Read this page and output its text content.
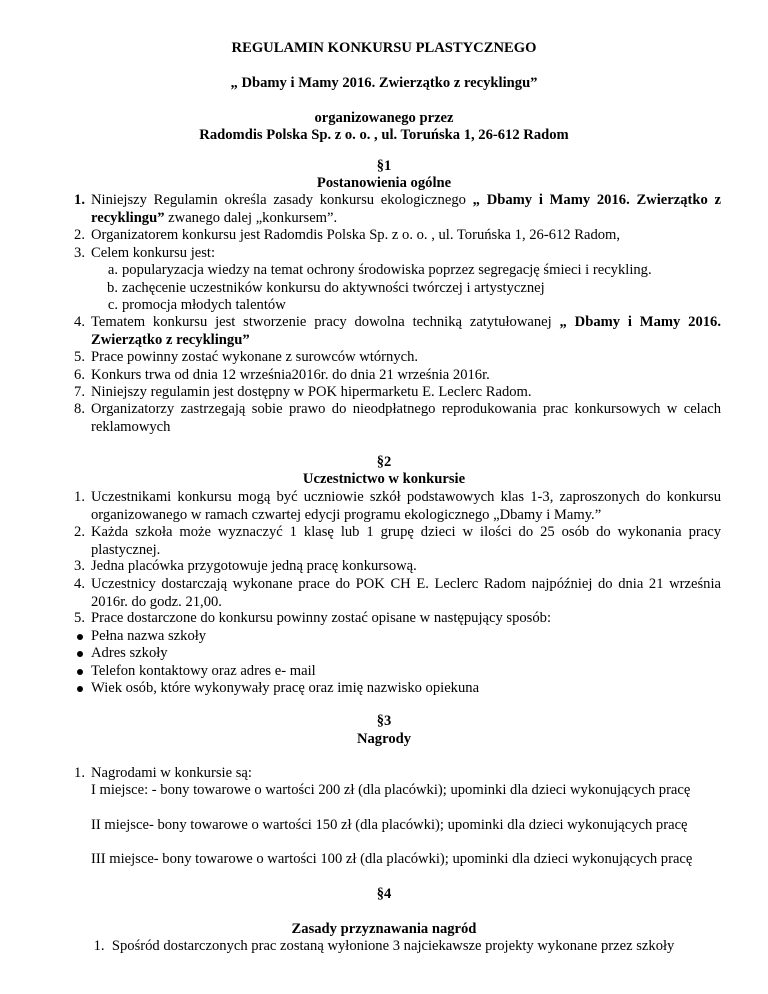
REGULAMIN KONKURSU PLASTYCZNEGO
„ Dbamy i Mamy 2016. Zwierzątko z recyklingu”
organizowanego przez
Radomdis Polska Sp. z o. o. , ul. Toruńska 1, 26-612 Radom
§1
Postanowienia ogólne
1. Niniejszy Regulamin określa zasady konkursu ekologicznego „ Dbamy i Mamy 2016. Zwierzątko z recyklingu” zwanego dalej „konkursem”.
2. Organizatorem konkursu jest Radomdis Polska Sp. z o. o. , ul. Toruńska 1, 26-612 Radom,
3. Celem konkursu jest:
a. popularyzacja wiedzy na temat ochrony środowiska poprzez segregację śmieci i recykling.
b. zachęcenie uczestników konkursu do aktywności twórczej i artystycznej
c. promocja młodych talentów
4. Tematem konkursu jest stworzenie pracy dowolna techniką zatytułowanej „ Dbamy i Mamy 2016. Zwierzątko z recyklingu”
5. Prace powinny zostać wykonane z surowców wtórnych.
6. Konkurs trwa od dnia 12 września2016r. do dnia 21 września 2016r.
7. Niniejszy regulamin jest dostępny w POK hipermarketu E. Leclerc Radom.
8. Organizatorzy zastrzegają sobie prawo do nieodpłatnego reprodukowania prac konkursowych w celach reklamowych
§2
Uczestnictwo w konkursie
1. Uczestnikami konkursu mogą być uczniowie szkół podstawowych klas 1-3, zaproszonych do konkursu organizowanego w ramach czwartej edycji programu ekologicznego „Dbamy i Mamy.”
2. Każda szkoła może wyznaczyć 1 klasę lub 1 grupę dzieci w ilości do 25 osób do wykonania pracy plastycznej.
3. Jedna placówka przygotowuje jedną pracę konkursową.
4. Uczestnicy dostarczają wykonane prace do POK CH E. Leclerc Radom najpóźniej do dnia 21 września 2016r. do godz. 21,00.
5. Prace dostarczone do konkursu powinny zostać opisane w następujący sposób:
Pełna nazwa szkoły
Adres szkoły
Telefon kontaktowy oraz adres e- mail
Wiek osób, które wykonywały pracę oraz imię nazwisko opiekuna
§3
Nagrody
1. Nagrodami w konkursie są:
I miejsce: - bony towarowe o wartości 200 zł (dla placówki); upominki dla dzieci wykonujących pracę
II miejsce- bony towarowe o wartości 150 zł (dla placówki); upominki dla dzieci wykonujących pracę
III miejsce- bony towarowe o wartości 100 zł (dla placówki); upominki dla dzieci wykonujących pracę
§4
Zasady przyznawania nagród
1.  Spośród dostarczonych prac zostaną wyłonione 3 najciekawsze projekty wykonane przez szkoły
